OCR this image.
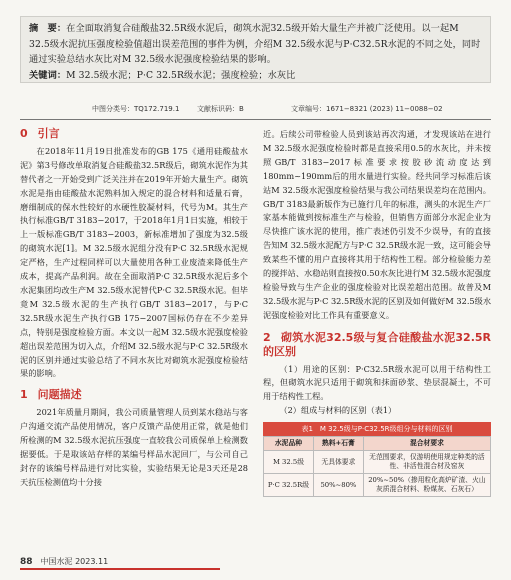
摘　要：在全面取消复合硅酸盐32.5R级水泥后，砌筑水泥32.5级开始大量生产并被广泛使用。以一起M 32.5级水泥抗压强度检验值超出误差范围的事件为例，介绍M 32.5级水泥与P·C32.5R水泥的不同之处，同时通过实验总结水灰比对M 32.5级水泥强度检验结果的影响。

关键词：M 32.5级水泥；P·C 32.5R级水泥；强度检验；水灰比

中图分类号：TQ172.719.1	文献标识码：B	文章编号：1671−8321 (2023) 11−0088−02
0 引言

在2018年11月19日批准发布的GB 175《通用硅酸盐水泥》第3号修改单取消复合硅酸盐32.5R级后，砌筑水泥作为其替代者之一开始受到广泛关注并在2019年开始大量生产。砌筑水泥是指由硅酸盐水泥熟料加入规定的混合材料和适量石膏，磨细制成的保水性较好的水硬性胶凝材料，代号为M。其生产执行标准GB/T 3183−2017，于2018年1月1日实施，相较于上一版标准GB/T 3183−2003，新标准增加了强度为32.5级的砌筑水泥[1]。M 32.5级水泥组分没有P·C 32.5R级水泥规定严格，生产过程同样可以大量使用各种工业废渣来降低生产成本，提高产品利润。故在全面取消P·C 32.5R级水泥后多个水泥集团均改生产M 32.5级水泥替代P·C 32.5R级水泥。但毕竟M 32.5级水泥的生产执行GB/T 3183−2017，与P·C 32.5R级水泥生产执行GB 175−2007国标仍存在不少差异点，特别是强度检验方面。本文以一起M 32.5级水泥强度检验超出误差范围为切入点，介绍M 32.5级水泥与P·C 32.5R级水泥的区别并通过实验总结了不同水灰比对砌筑水泥强度检验结果的影响。

1 问题描述

2021年质量月期间，我公司质量管理人员到某水稳站与客户沟通交流产品使用情况，客户反馈产品使用正常，就是他们所检测的M 32.5级水泥抗压强度一直较我公司质保单上检测数据要低。于是取该站存样的某编号样品水泥回厂，与公司自己封存的该编号样品进行对比实验，实验结果无论是3天还是28天抗压检测值均十分接

近。后续公司带检验人员到该站再次沟通，才发现该站在进行M 32.5级水泥强度检验时都是直接采用0.5的水灰比，并未按照GB/T 3183−2017标准要求按胶砂流动度达到180mm~190mm后的用水量进行实验。经共同学习标准后该站M 32.5级水泥强度检验结果与我公司结果误差均在范围内。GB/T 3183最新版作为已施行几年的标准，测头的水泥生产厂家基本能做到按标准生产与检验，但销售方面部分水泥企业为尽快推广该水泥的使用，推广表述仍引发不少误导，有的直接告知M 32.5级水泥配方与P·C 32.5R级水泥一致，这可能会导致某些不懂的用户直接将其用于结构性工程。部分检验能力差的搅拌站、水稳站则直接按0.50水灰比进行M 32.5级水泥强度检验导致与生产企业的强度检验对比误差超出范围。故普及M 32.5级水泥与P·C 32.5R级水泥的区别及如何做好M 32.5级水泥强度检验对比工作具有重要意义。

2 砌筑水泥32.5级与复合硅酸盐水泥32.5R的区别

（1）用途的区别：P·C32.5R级水泥可以用于结构性工程，但砌筑水泥只适用于砌筑和抹面砂浆、垫层混凝土，不可用于结构性工程。

（2）组成与材料的区别（表1）

表1　M 32.5级与P·C32.5R级组分与材料的区别
水泥品种	熟料+石膏	混合材要求
M 32.5级	无具体要求	无范围要求，仅游明使用规定种类的活性、非活性混合材及窑灰
P·C 32.5R级	50%~80%	20%~50%（掺用粒化高炉矿渣、火山灰质混合材料、粉煤灰、石灰石）
88 中国水泥 2023.11
